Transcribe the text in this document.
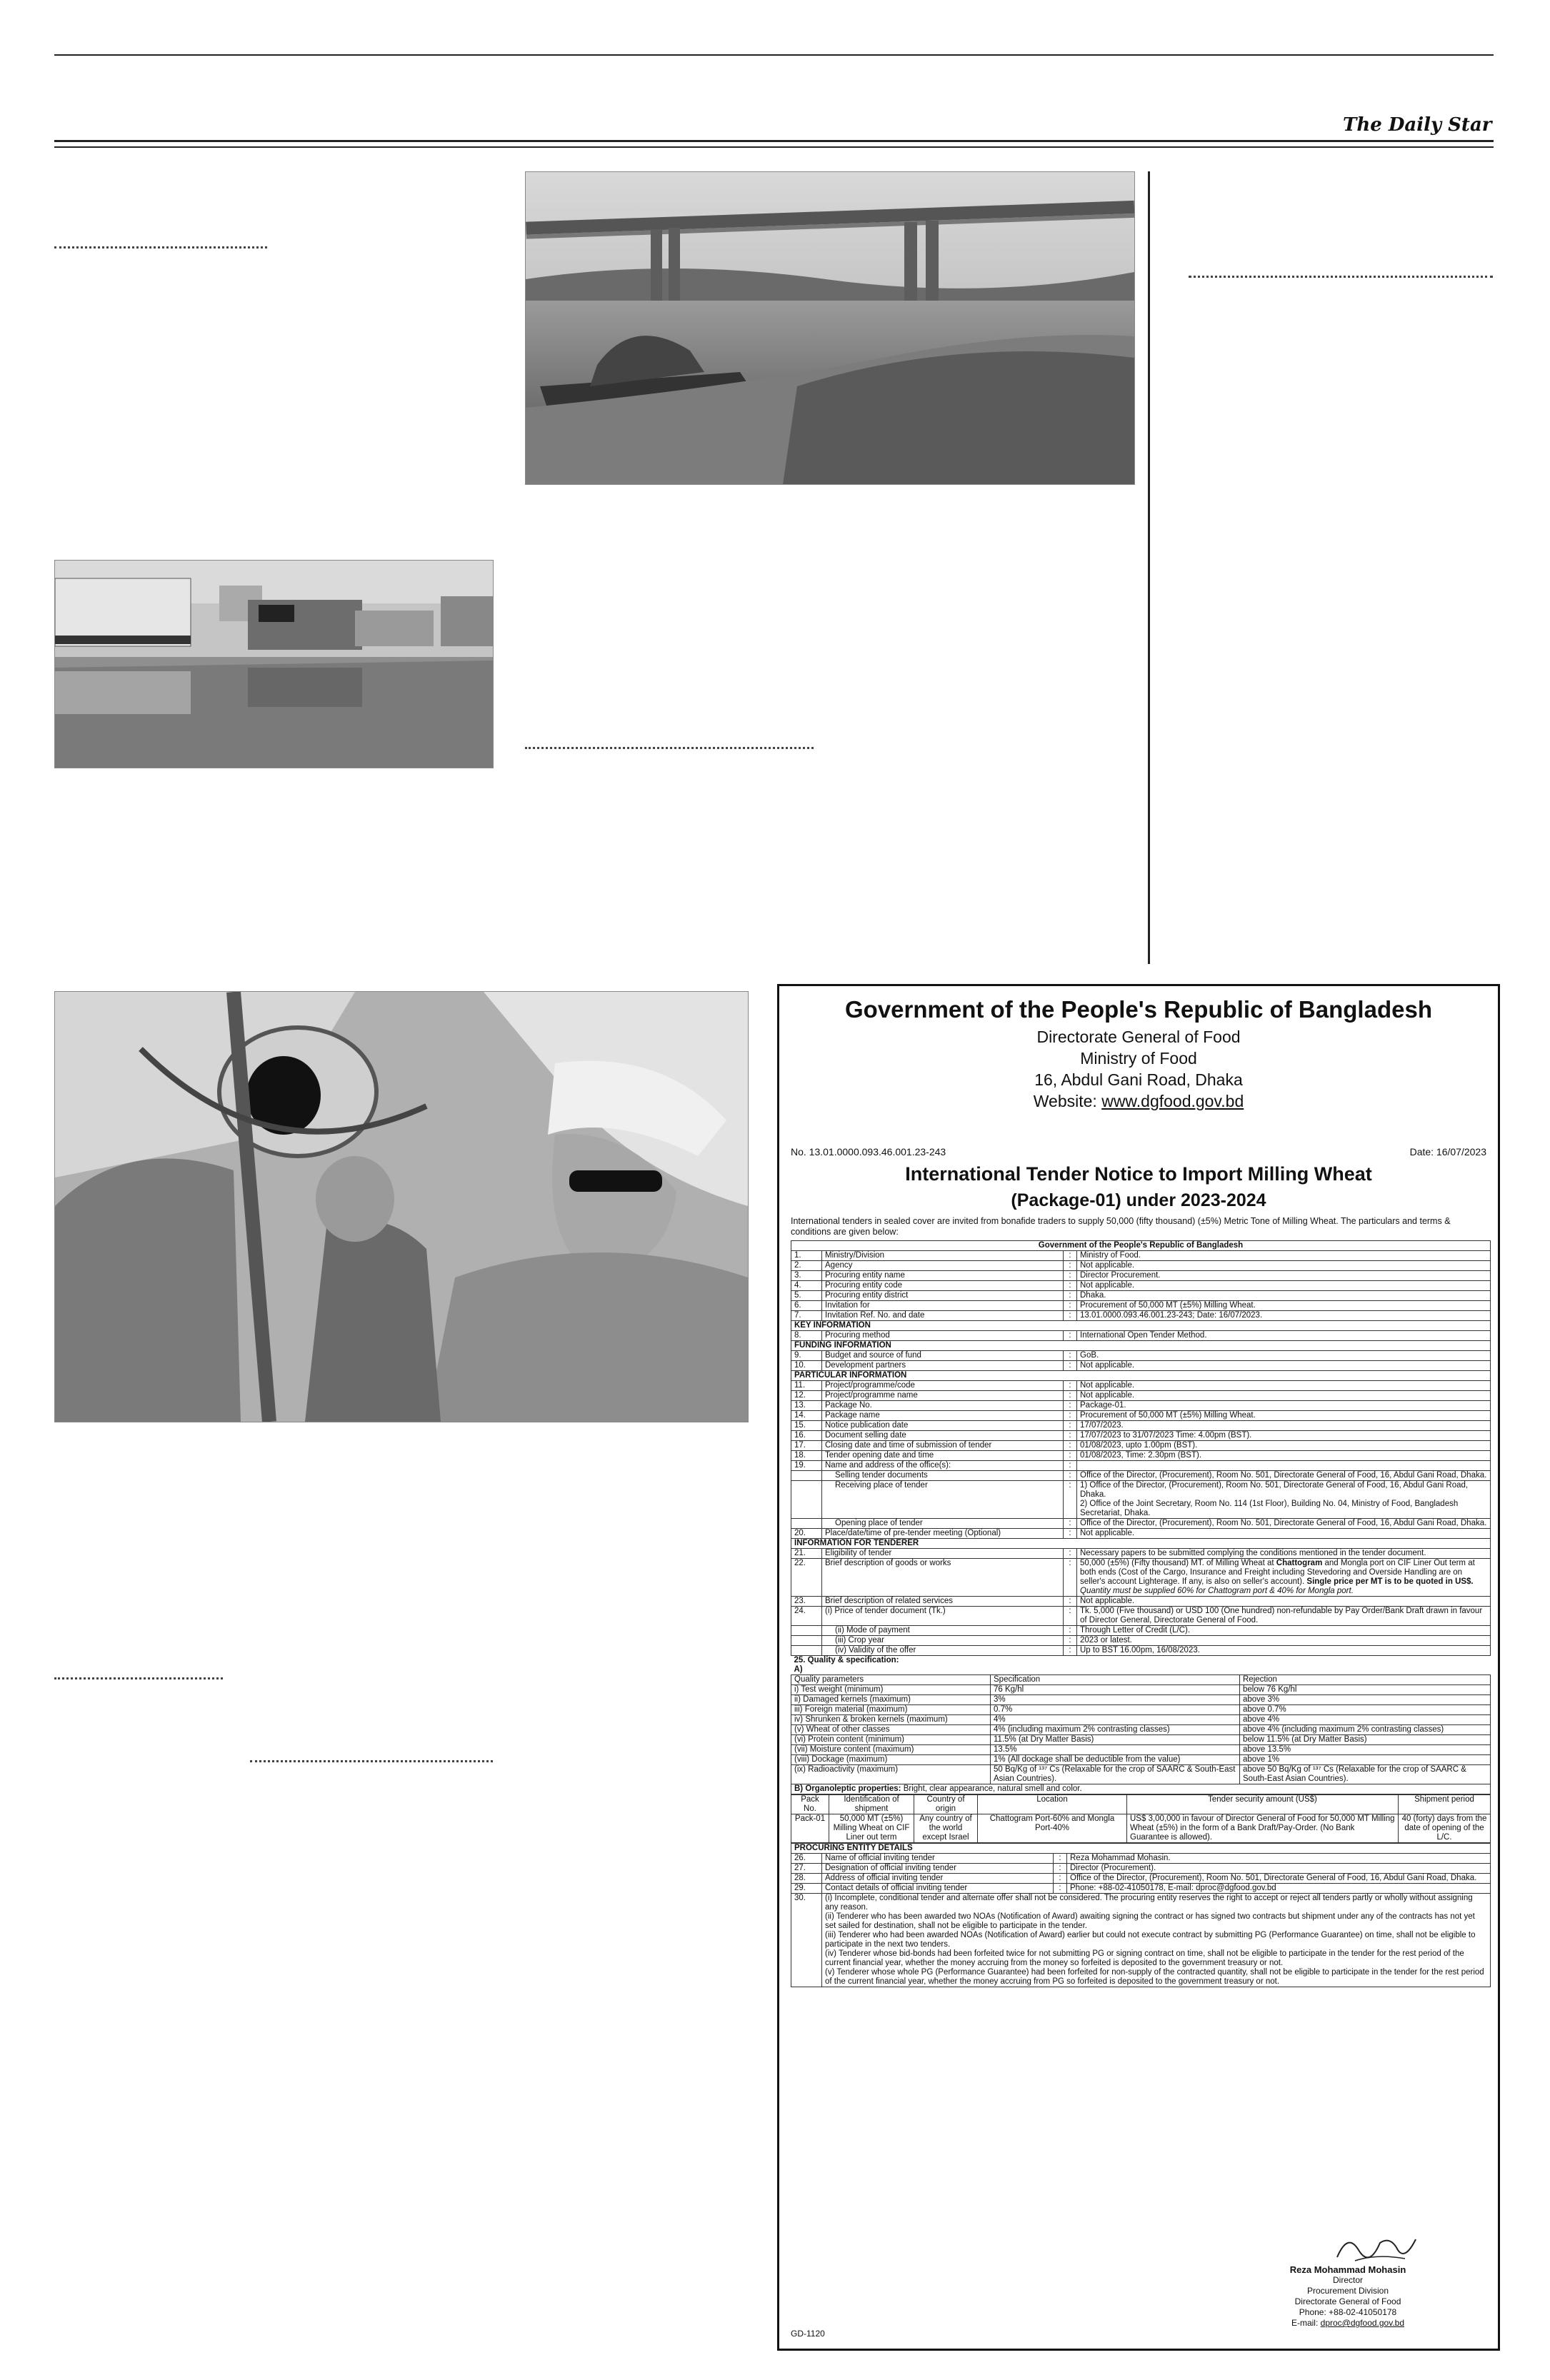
The Daily Star
Government of the People's Republic of Bangladesh
Directorate General of Food
Ministry of Food
16, Abdul Gani Road, Dhaka
Website: www.dgfood.gov.bd
No. 13.01.0000.093.46.001.23-243	Date: 16/07/2023
International Tender Notice to Import Milling Wheat
(Package-01) under 2023-2024
International tenders in sealed cover are invited from bonafide traders to supply 50,000 (fifty thousand) (±5%) Metric Tone of Milling Wheat. The particulars and terms & conditions are given below:
Government of the People's Republic of Bangladesh			
1.	Ministry/Division	:	Ministry of Food.
2.	Agency	:	Not applicable.
3.	Procuring entity name	:	Director Procurement.
4.	Procuring entity code	:	Not applicable.
5.	Procuring entity district	:	Dhaka.
6.	Invitation for	:	Procurement of 50,000 MT (±5%) Milling Wheat.
7.	Invitation Ref. No. and date	:	13.01.0000.093.46.001.23-243; Date: 16/07/2023.
KEY INFORMATION			
8.	Procuring method	:	International Open Tender Method.
FUNDING INFORMATION			
9.	Budget and source of fund	:	GoB.
10.	Development partners	:	Not applicable.
PARTICULAR INFORMATION			
11.	Project/programme/code	:	Not applicable.
12.	Project/programme name	:	Not applicable.
13.	Package No.	:	Package-01.
14.	Package name	:	Procurement of 50,000 MT (±5%) Milling Wheat.
15.	Notice publication date	:	17/07/2023.
16.	Document selling date	:	17/07/2023 to 31/07/2023 Time: 4.00pm (BST).
17.	Closing date and time of submission of tender	:	01/08/2023, upto 1.00pm (BST).
18.	Tender opening date and time	:	01/08/2023, Time: 2.30pm (BST).
19.	Name and address of the office(s):	:	
	Selling tender documents	:	Office of the Director, (Procurement), Room No. 501, Directorate General of Food, 16, Abdul Gani Road, Dhaka.
	Receiving place of tender	:	1) Office of the Director, (Procurement), Room No. 501, Directorate General of Food, 16, Abdul Gani Road, Dhaka.
2) Office of the Joint Secretary, Room No. 114 (1st Floor), Building No. 04, Ministry of Food, Bangladesh Secretariat, Dhaka.

	Opening place of tender	:	Office of the Director, (Procurement), Room No. 501, Directorate General of Food, 16, Abdul Gani Road, Dhaka.
20.	Place/date/time of pre-tender meeting (Optional)	:	Not applicable.
INFORMATION FOR TENDERER			
21.	Eligibility of tender	:	Necessary papers to be submitted complying the conditions mentioned in the tender document.
22.	Brief description of goods or works	:	50,000 (±5%) (Fifty thousand) MT. of Milling Wheat at Chattogram and Mongla port on CIF Liner Out term at both ends (Cost of the Cargo, Insurance and Freight including Stevedoring and Overside Handling are on seller's account Lighterage. If any, is also on seller's account). Single price per MT is to be quoted in US$. Quantity must be supplied 60% for Chattogram port & 40% for Mongla port.
23.	Brief description of related services	:	Not applicable.
24.	(i) Price of tender document (Tk.)	:	Tk. 5,000 (Five thousand) or USD 100 (One hundred) non-refundable by Pay Order/Bank Draft drawn in favour of Director General, Directorate General of Food.
	(ii) Mode of payment	:	Through Letter of Credit (L/C).
	(iii) Crop year	:	2023 or latest.
	(iv) Validity of the offer	:	Up to BST 16.00pm, 16/08/2023.

25. Quality & specification:
A)			
Quality parameters	Specification	Rejection
i) Test weight (minimum)	76 Kg/hl	below 76 Kg/hl
ii) Damaged kernels (maximum)	3%	above 3%
iii) Foreign material (maximum)	0.7%	above 0.7%
iv) Shrunken & broken kernels (maximum)	4%	above 4%
(v) Wheat of other classes	4% (including maximum 2% contrasting classes)	above 4% (including maximum 2% contrasting classes)
(vi) Protein content (minimum)	11.5% (at Dry Matter Basis)	below 11.5% (at Dry Matter Basis)
(vii) Moisture content (maximum)	13.5%	above 13.5%
(viii) Dockage (maximum)	1% (All dockage shall be deductible from the value)	above 1%
(ix) Radioactivity (maximum)	50 Bq/Kg of ¹³⁷ Cs (Relaxable for the crop of SAARC & South-East Asian Countries).	above 50 Bq/Kg of ¹³⁷ Cs (Relaxable for the crop of SAARC & South-East Asian Countries).
B) Organoleptic properties: Bright, clear appearance, natural smell and color.		
Pack No.	Identification of shipment	Country of origin	Location	Tender security amount (US$)	Shipment period
Pack-01	50,000 MT (±5%) Milling Wheat on CIF Liner out term	Any country of the world except Israel	Chattogram Port-60% and Mongla Port-40%	US$ 3,00,000 in favour of Director General of Food for 50,000 MT Milling Wheat (±5%) in the form of a Bank Draft/Pay-Order. (No Bank Guarantee is allowed).	40 (forty) days from the date of opening of the L/C.
PROCURING ENTITY DETAILS			
26.	Name of official inviting tender	:	Reza Mohammad Mohasin.
27.	Designation of official inviting tender	:	Director (Procurement).
28.	Address of official inviting tender	:	Office of the Director, (Procurement), Room No. 501, Directorate General of Food, 16, Abdul Gani Road, Dhaka.
29.	Contact details of official inviting tender	:	Phone: +88-02-41050178, E-mail: dproc@dgfood.gov.bd
30.	(i) Incomplete, conditional tender and alternate offer shall not be considered. The procuring entity reserves the right to accept or reject all tenders partly or wholly without assigning any reason.
(ii) Tenderer who has been awarded two NOAs (Notification of Award) awaiting signing the contract or has signed two contracts but shipment under any of the contracts has not yet set sailed for destination, shall not be eligible to participate in the tender.
(iii) Tenderer who had been awarded NOAs (Notification of Award) earlier but could not execute contract by submitting PG (Performance Guarantee) on time, shall not be eligible to participate in the next two tenders.
(iv) Tenderer whose bid-bonds had been forfeited twice for not submitting PG or signing contract on time, shall not be eligible to participate in the tender for the rest period of the current financial year, whether the money accruing from the money so forfeited is deposited to the government treasury or not.
(v) Tenderer whose whole PG (Performance Guarantee) had been forfeited for non-supply of the contracted quantity, shall not be eligible to participate in the tender for the rest period of the current financial year, whether the money accruing from PG so forfeited is deposited to the government treasury or not.		
Reza Mohammad Mohasin
Director
Procurement Division
Directorate General of Food
Phone: +88-02-41050178
E-mail: dproc@dgfood.gov.bd
GD-1120
